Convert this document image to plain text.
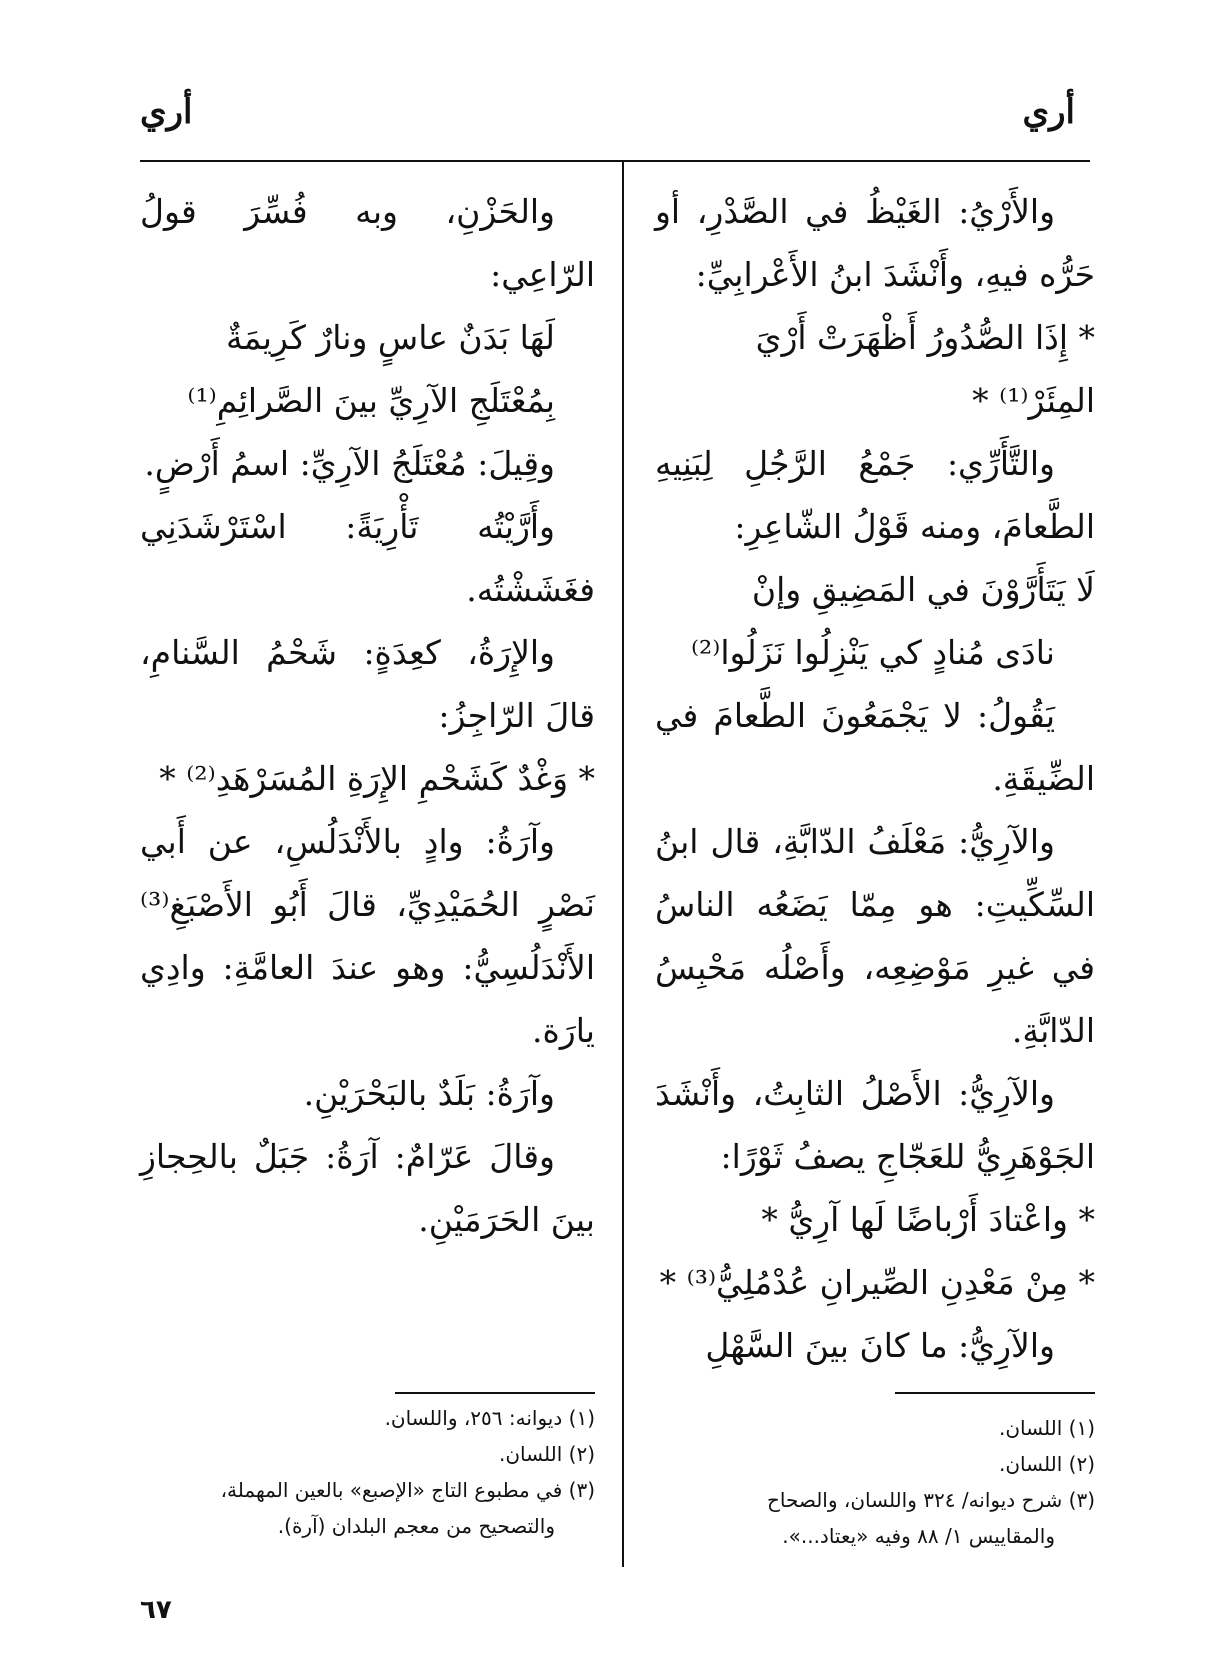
أري
أري

والأَرْيُ: الغَيْظُ في الصَّدْرِ، أو حَرُّه فيهِ، وأَنْشَدَ ابنُ الأَعْرابِيِّ:

* إِذَا الصُّدُورُ أَظْهَرَتْ أَرْيَ المِئَرْ⁽¹⁾ *

والتَّأَرِّي: جَمْعُ الرَّجُلِ لِبَنِيهِ الطَّعامَ، ومنه قَوْلُ الشّاعِرِ:

لَا يَتَأَرَّوْنَ في المَضِيقِ وإنْ

نادَى مُنادٍ كي يَنْزِلُوا نَزَلُوا⁽²⁾

يَقُولُ: لا يَجْمَعُونَ الطَّعامَ في الضِّيقَةِ.

والآرِيُّ: مَعْلَفُ الدّابَّةِ، قال ابنُ السِّكِّيتِ: هو مِمّا يَضَعُه الناسُ في غيرِ مَوْضِعِه، وأَصْلُه مَحْبِسُ الدّابَّةِ.

والآرِيُّ: الأَصْلُ الثابِتُ، وأَنْشَدَ الجَوْهَرِيُّ للعَجّاجِ يصفُ ثَوْرًا:

* واعْتادَ أَرْباضًا لَها آرِيُّ *

* مِنْ مَعْدِنِ الصِّيرانِ عُدْمُلِيُّ⁽³⁾ *

والآرِيُّ: ما كانَ بينَ السَّهْلِ

والحَزْنِ، وبه فُسِّرَ قولُ الرّاعِي:

لَهَا بَدَنٌ عاسٍ ونارٌ كَرِيمَةٌ

بِمُعْتَلَجِ الآرِيِّ بينَ الصَّرائِمِ⁽¹⁾

وقِيلَ: مُعْتَلَجُ الآرِيِّ: اسمُ أَرْضٍ.

وأَرَّيْتُه تَأْرِيَةً: اسْتَرْشَدَنِي فغَشَشْتُه.

والإِرَةُ، كعِدَةٍ: شَحْمُ السَّنامِ، قالَ الرّاجِزُ:

* وَغْدٌ كَشَحْمِ الإِرَةِ المُسَرْهَدِ⁽²⁾ *

وآرَةُ: وادٍ بالأَنْدَلُسِ، عن أَبي نَصْرٍ الحُمَيْدِيِّ، قالَ أَبُو الأَصْبَغِ⁽³⁾ الأَنْدَلُسِيُّ: وهو عندَ العامَّةِ: وادِي يارَة.

وآرَةُ: بَلَدٌ بالبَحْرَيْنِ.

وقالَ عَرّامٌ: آرَةُ: جَبَلٌ بالحِجازِ بينَ الحَرَمَيْنِ.

(١) اللسان.

(٢) اللسان.

(٣) شرح ديوانه/ ٣٢٤ واللسان، والصحاح

والمقاييس ١/ ٨٨ وفيه «يعتاد...».

(١) ديوانه: ٢٥٦، واللسان.

(٢) اللسان.

(٣) في مطبوع التاج «الإصبع» بالعين المهملة،

والتصحيح من معجم البلدان (آرة).

٦٧
